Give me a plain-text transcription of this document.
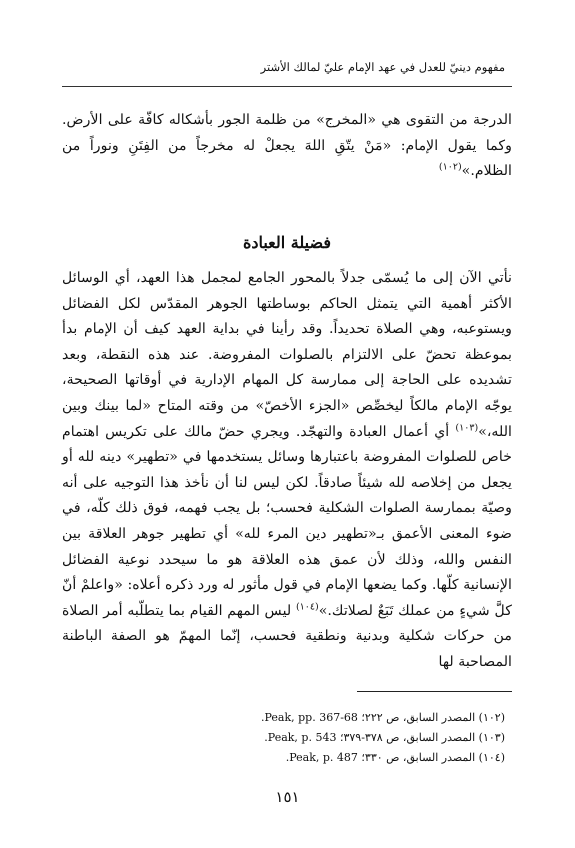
مفهوم دينيّ للعدل في عهد الإمام عليّ لمالك الأشتر

الدرجة من التقوى هي «المخرج» من ظلمة الجور بأشكاله كافّة على الأرض. وكما يقول الإمام: «مَنْ يتّقِ اللهَ يجعلْ له مخرجاً من الفِتَنِ ونوراً من الظلام.»$^{(١٠٢)}$

فضيلة العبادة

نأتي الآن إلى ما يُسمّى جدلاً بالمحور الجامع لمجمل هذا العهد، أي الوسائل الأكثر أهمية التي يتمثل الحاكم بوساطتها الجوهر المقدّس لكل الفضائل ويستوعبه، وهي الصلاة تحديداً. وقد رأينا في بداية العهد كيف أن الإمام بدأ بموعظة تحضّ على الالتزام بالصلوات المفروضة. عند هذه النقطة، وبعد تشديده على الحاجة إلى ممارسة كل المهام الإدارية في أوقاتها الصحيحة، يوجّه الإمام مالكاً ليخصِّص «الجزء الأخصّ» من وقته المتاح «لما بينك وبين الله،»$^{(١٠٣)}$ أي أعمال العبادة والتهجّد. ويجري حضّ مالك على تكريس اهتمام خاص للصلوات المفروضة باعتبارها وسائل يستخدمها في «تطهير» دينه لله أو يجعل من إخلاصه لله شيئاً صادقاً. لكن ليس لنا أن نأخذ هذا التوجيه على أنه وصيّة بممارسة الصلوات الشكلية فحسب؛ بل يجب فهمه، فوق ذلك كلّه، في ضوء المعنى الأعمق بـ«تطهير دين المرء لله» أي تطهير جوهر العلاقة بين النفس والله، وذلك لأن عمق هذه العلاقة هو ما سيحدد نوعية الفضائل الإنسانية كلّها. وكما يضعها الإمام في قول مأثور له ورد ذكره أعلاه: «واعلمْ أنّ كلَّ شيءٍ من عملك تَبَعٌ لصلاتك.»$^{(١٠٤)}$ ليس المهم القيام بما يتطلّبه أمر الصلاة من حركات شكلية وبدنية ونطقية فحسب، إنّما المهمّ هو الصفة الباطنة المصاحبة لها

(١٠٢) المصدر السابق، ص ٢٢٢؛ Peak, pp. 367-68.
(١٠٣) المصدر السابق، ص ٣٧٨-٣٧٩؛ Peak, p. 543.
(١٠٤) المصدر السابق، ص ٣٣٠؛ Peak, p. 487.
١٥١
